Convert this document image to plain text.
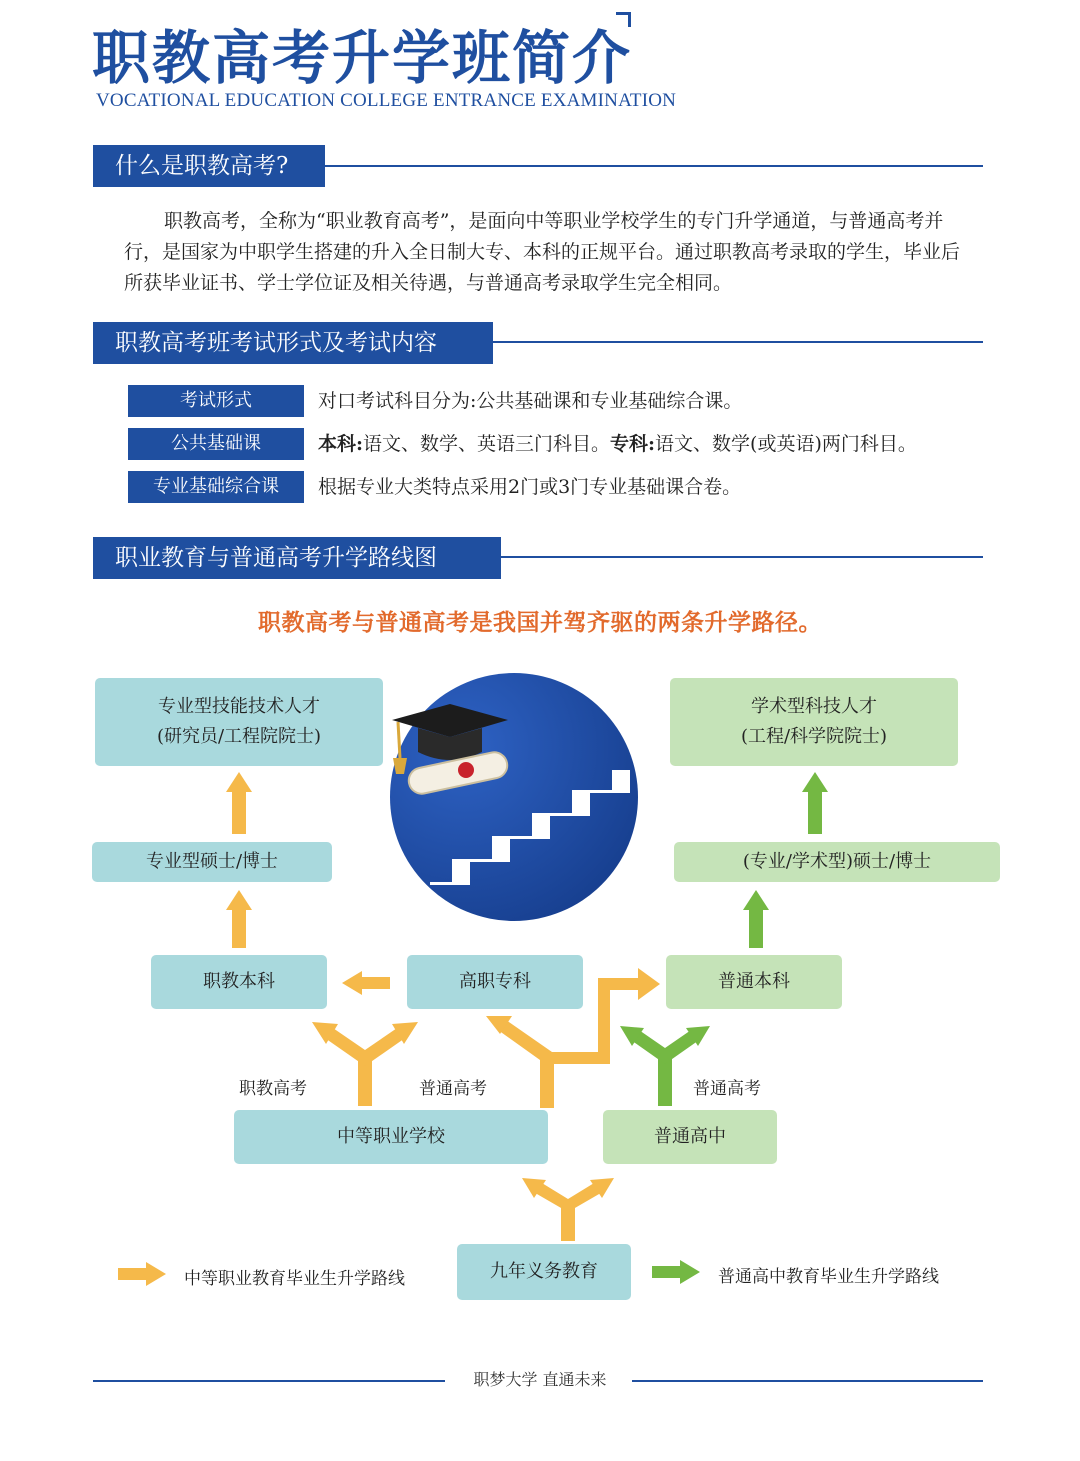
职教高考升学班简介
VOCATIONAL EDUCATION COLLEGE ENTRANCE EXAMINATION
什么是职教高考?
职教高考，全称为“职业教育高考”，是面向中等职业学校学生的专门升学通道，与普通高考并行，是国家为中职学生搭建的升入全日制大专、本科的正规平台。通过职教高考录取的学生，毕业后所获毕业证书、学士学位证及相关待遇，与普通高考录取学生完全相同。
职教高考班考试形式及考试内容
考试形式	对口考试科目分为:公共基础课和专业基础综合课。
公共基础课	本科:语文、数学、英语三门科目。专科:语文、数学(或英语)两门科目。
专业基础综合课	根据专业大类特点采用2门或3门专业基础课合卷。
职业教育与普通高考升学路线图
职教高考与普通高考是我国并驾齐驱的两条升学路径。
专业型技能技术人才
(研究员/工程院院士)
学术型科技人才
(工程/科学院院士)
专业型硕士/博士	(专业/学术型)硕士/博士
职教本科	高职专科	普通本科
职教高考	普通高考	普通高考
中等职业学校	普通高中
九年义务教育
中等职业教育毕业生升学路线	普通高中教育毕业生升学路线
职梦大学 直通未来
